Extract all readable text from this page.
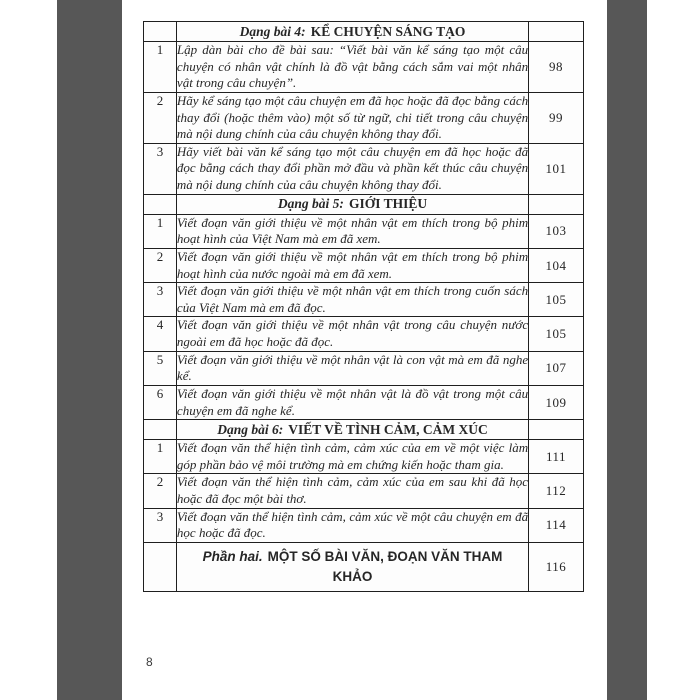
	Dạng bài 4: KỂ CHUYỆN SÁNG TẠO	
1	Lập dàn bài cho đề bài sau: “Viết bài văn kể sáng tạo một câu chuyện có nhân vật chính là đồ vật bằng cách sắm vai một nhân vật trong câu chuyện”.	98
2	Hãy kể sáng tạo một câu chuyện em đã học hoặc đã đọc bằng cách thay đổi (hoặc thêm vào) một số từ ngữ, chi tiết trong câu chuyện mà nội dung chính của câu chuyện không thay đổi.	99
3	Hãy viết bài văn kể sáng tạo một câu chuyện em đã học hoặc đã đọc bằng cách thay đổi phần mở đầu và phần kết thúc câu chuyện mà nội dung chính của câu chuyện không thay đổi.	101
	Dạng bài 5: GIỚI THIỆU	
1	Viết đoạn văn giới thiệu về một nhân vật em thích trong bộ phim hoạt hình của Việt Nam mà em đã xem.	103
2	Viết đoạn văn giới thiệu về một nhân vật em thích trong bộ phim hoạt hình của nước ngoài mà em đã xem.	104
3	Viết đoạn văn giới thiệu về một nhân vật em thích trong cuốn sách của Việt Nam mà em đã đọc.	105
4	Viết đoạn văn giới thiệu về một nhân vật trong câu chuyện nước ngoài em đã học hoặc đã đọc.	105
5	Viết đoạn văn giới thiệu về một nhân vật là con vật mà em đã nghe kể.	107
6	Viết đoạn văn giới thiệu về một nhân vật là đồ vật trong một câu chuyện em đã nghe kể.	109
	Dạng bài 6: VIẾT VỀ TÌNH CẢM, CẢM XÚC	
1	Viết đoạn văn thể hiện tình cảm, cảm xúc của em về một việc làm góp phần bảo vệ môi trường mà em chứng kiến hoặc tham gia.	111
2	Viết đoạn văn thể hiện tình cảm, cảm xúc của em sau khi đã học hoặc đã đọc một bài thơ.	112
3	Viết đoạn văn thể hiện tình cảm, cảm xúc về một câu chuyện em đã học hoặc đã đọc.	114

	Phần hai. MỘT SỐ BÀI VĂN, ĐOẠN VĂN THAM KHẢO	116
8
